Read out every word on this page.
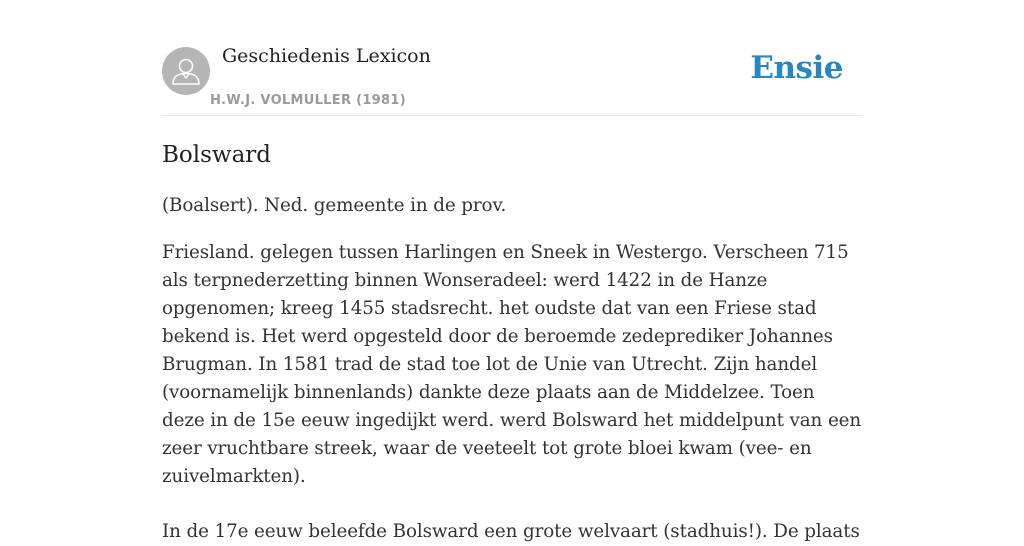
Geschiedenis Lexicon
H.W.J. VOLMULLER (1981)
Ensie
Bolsward

(Boalsert). Ned. gemeente in de prov.

Friesland. gelegen tussen Harlingen en Sneek in Westergo. Verscheen 715 als terpnederzetting binnen Wonseradeel: werd 1422 in de Hanze opgenomen; kreeg 1455 stadsrecht. het oudste dat van een Friese stad bekend is. Het werd opgesteld door de beroemde zedeprediker Johannes Brugman. In 1581 trad de stad toe lot de Unie van Utrecht. Zijn handel (voornamelijk binnenlands) dankte deze plaats aan de Middelzee. Toen deze in de 15e eeuw ingedijkt werd. werd Bolsward het middelpunt van een zeer vruchtbare streek, waar de veeteelt tot grote bloei kwam (vee- en zuivelmarkten).

In de 17e eeuw beleefde Bolsward een grote welvaart (stadhuis!). De plaats
